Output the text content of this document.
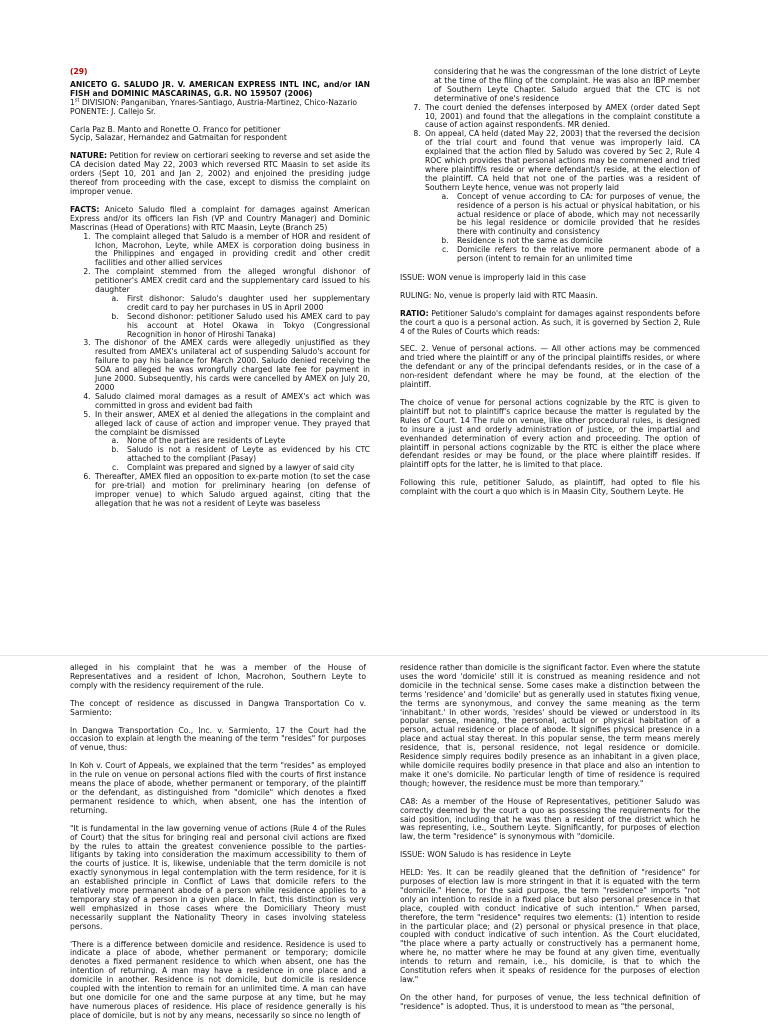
(29)
ANICETO G. SALUDO JR. V. AMERICAN EXPRESS INTL INC, and/or IAN FISH and DOMINIC MASCARINAS, G.R. NO 159507 (2006)
1st DIVISION: Panganiban, Ynares-Santiago, Austria-Martinez, Chico-Nazario

PONENTE: J. Callejo Sr.

Carla Paz B. Manto and Ronette O. Franco for petitioner

Sycip, Salazar, Hernandez and Gatmaitan for respondent

NATURE: Petition for review on certiorari seeking to reverse and set aside the CA decision dated May 22, 2003 which reversed RTC Maasin to set aside its orders (Sept 10, 201 and Jan 2, 2002) and enjoined the presiding judge thereof from proceeding with the case, except to dismiss the complaint on improper venue.

FACTS: Aniceto Saludo filed a complaint for damages against American Express and/or its officers Ian Fish (VP and Country Manager) and Dominic Mascrinas (Head of Operations) with RTC Maasin, Leyte (Branch 25)
1. The complaint alleged that Saludo is a member of HOR and resident of Ichon, Macrohon, Leyte, while AMEX is corporation doing business in the Philippines and engaged in providing credit and other credit facilities and other allied services
2. The complaint stemmed from the alleged wrongful dishonor of petitioner's AMEX credit card and the supplementary card issued to his daughter
a. First dishonor: Saludo's daughter used her supplementary credit card to pay her purchases in US in April 2000
b. Second dishonor: petitioner Saludo used his AMEX card to pay his account at Hotel Okawa in Tokyo (Congressional Recognition in honor of Hiroshi Tanaka)
3. The dishonor of the AMEX cards were allegedly unjustified as they resulted from AMEX's unilateral act of suspending Saludo's account for failure to pay his balance for March 2000. Saludo denied receiving the SOA and alleged he was wrongfully charged late fee for payment in June 2000. Subsequently, his cards were cancelled by AMEX on July 20, 2000
4. Saludo claimed moral damages as a result of AMEX's act which was committed in gross and evident bad faith
5. In their answer, AMEX et al denied the allegations in the complaint and alleged lack of cause of action and improper venue. They prayed that the complaint be dismissed
a. None of the parties are residents of Leyte
b. Saludo is not a resident of Leyte as evidenced by his CTC attached to the compliant (Pasay)
c. Complaint was prepared and signed by a lawyer of said city
6. Thereafter, AMEX filed an opposition to ex-parte motion (to set the case for pre-trial) and motion for preliminary hearing (on defense of improper venue) to which Saludo argued against, citing that the allegation that he was not a resident of Leyte was baseless
considering that he was the congressman of the lone district of Leyte at the time of the filing of the complaint. He was also an IBP member of Southern Leyte Chapter. Saludo argued that the CTC is not determinative of one's residence
7. The court denied the defenses interposed by AMEX (order dated Sept 10, 2001) and found that the allegations in the complaint constitute a cause of action against respondents. MR denied.
8. On appeal, CA held (dated May 22, 2003) that the reversed the decision of the trial court and found that venue was improperly laid. CA explained that the action filed by Saludo was covered by Sec 2, Rule 4 ROC which provides that personal actions may be commened and tried where plaintiff/s reside or where defendant/s reside, at the election of the plaintiff. CA held that not one of the parties was a resident of Southern Leyte hence, venue was not properly laid
a. Concept of venue according to CA: for purposes of venue, the residence of a person is his actual or physical habitation, or his actual residence or place of abode, which may not necessarily be his legal residence or domicile provided that he resides there with continuity and consistency
b. Residence is not the same as domicile
c. Domicile refers to the relative more permanent abode of a person (intent to remain for an unlimited time

ISSUE: WON venue is improperly laid in this case

RULING: No, venue is properly laid with RTC Maasin.

RATIO: Petitioner Saludo's complaint for damages against respondents before the court a quo is a personal action. As such, it is governed by Section 2, Rule 4 of the Rules of Courts which reads:

SEC. 2. Venue of personal actions. — All other actions may be commenced and tried where the plaintiff or any of the principal plaintiffs resides, or where the defendant or any of the principal defendants resides, or in the case of a non-resident defendant where he may be found, at the election of the plaintiff.

The choice of venue for personal actions cognizable by the RTC is given to plaintiff but not to plaintiff's caprice because the matter is regulated by the Rules of Court. 14 The rule on venue, like other procedural rules, is designed to insure a just and orderly administration of justice, or the impartial and evenhanded determination of every action and proceeding. The option of plaintiff in personal actions cognizable by the RTC is either the place where defendant resides or may be found, or the place where plaintiff resides. If plaintiff opts for the latter, he is limited to that place.

Following this rule, petitioner Saludo, as plaintiff, had opted to file his complaint with the court a quo which is in Maasin City, Southern Leyte. He

alleged in his complaint that he was a member of the House of Representatives and a resident of Ichon, Macrohon, Southern Leyte to comply with the residency requirement of the rule.

The concept of residence as discussed in Dangwa Transportation Co v. Sarmiento:

In Dangwa Transportation Co., Inc. v. Sarmiento, 17 the Court had the occasion to explain at length the meaning of the term "resides" for purposes of venue, thus:

In Koh v. Court of Appeals, we explained that the term "resides" as employed in the rule on venue on personal actions filed with the courts of first instance means the place of abode, whether permanent or temporary, of the plaintiff or the defendant, as distinguished from "domicile" which denotes a fixed permanent residence to which, when absent, one has the intention of returning.

"It is fundamental in the law governing venue of actions (Rule 4 of the Rules of Court) that the situs for bringing real and personal civil actions are fixed by the rules to attain the greatest convenience possible to the parties-litigants by taking into consideration the maximum accessibility to them of the courts of justice. It is, likewise, undeniable that the term domicile is not exactly synonymous in legal contemplation with the term residence, for it is an established principle in Conflict of Laws that domicile refers to the relatively more permanent abode of a person while residence applies to a temporary stay of a person in a given place. In fact, this distinction is very well emphasized in those cases where the Domiciliary Theory must necessarily supplant the Nationality Theory in cases involving stateless persons.

'There is a difference between domicile and residence. Residence is used to indicate a place of abode, whether permanent or temporary; domicile denotes a fixed permanent residence to which when absent, one has the intention of returning. A man may have a residence in one place and a domicile in another. Residence is not domicile, but domicile is residence coupled with the intention to remain for an unlimited time. A man can have but one domicile for one and the same purpose at any time, but he may have numerous places of residence. His place of residence generally is his place of domicile, but is not by any means, necessarily so since no length of

residence rather than domicile is the significant factor. Even where the statute uses the word 'domicile' still it is construed as meaning residence and not domicile in the technical sense. Some cases make a distinction between the terms 'residence' and 'domicile' but as generally used in statutes fixing venue, the terms are synonymous, and convey the same meaning as the term 'inhabitant.' In other words, 'resides' should be viewed or understood in its popular sense, meaning, the personal, actual or physical habitation of a person, actual residence or place of abode. It signifies physical presence in a place and actual stay thereat. In this popular sense, the term means merely residence, that is, personal residence, not legal residence or domicile. Residence simply requires bodily presence as an inhabitant in a given place, while domicile requires bodily presence in that place and also an intention to make it one's domicile. No particular length of time of residence is required though; however, the residence must be more than temporary."

CA8: As a member of the House of Representatives, petitioner Saludo was correctly deemed by the court a quo as possessing the requirements for the said position, including that he was then a resident of the district which he was representing, i.e., Southern Leyte. Significantly, for purposes of election law, the term "residence" is synonymous with "domicile.

ISSUE: WON Saludo is has residence in Leyte

HELD: Yes. It can be readily gleaned that the definition of "residence" for purposes of election law is more stringent in that it is equated with the term "domicile." Hence, for the said purpose, the term "residence" imports "not only an intention to reside in a fixed place but also personal presence in that place, coupled with conduct indicative of such intention." When parsed, therefore, the term "residence" requires two elements: (1) intention to reside in the particular place; and (2) personal or physical presence in that place, coupled with conduct indicative of such intention. As the Court elucidated, "the place where a party actually or constructively has a permanent home, where he, no matter where he may be found at any given time, eventually intends to return and remain, i.e., his domicile, is that to which the Constitution refers when it speaks of residence for the purposes of election law."

On the other hand, for purposes of venue, the less technical definition of "residence" is adopted. Thus, it is understood to mean as "the personal,
